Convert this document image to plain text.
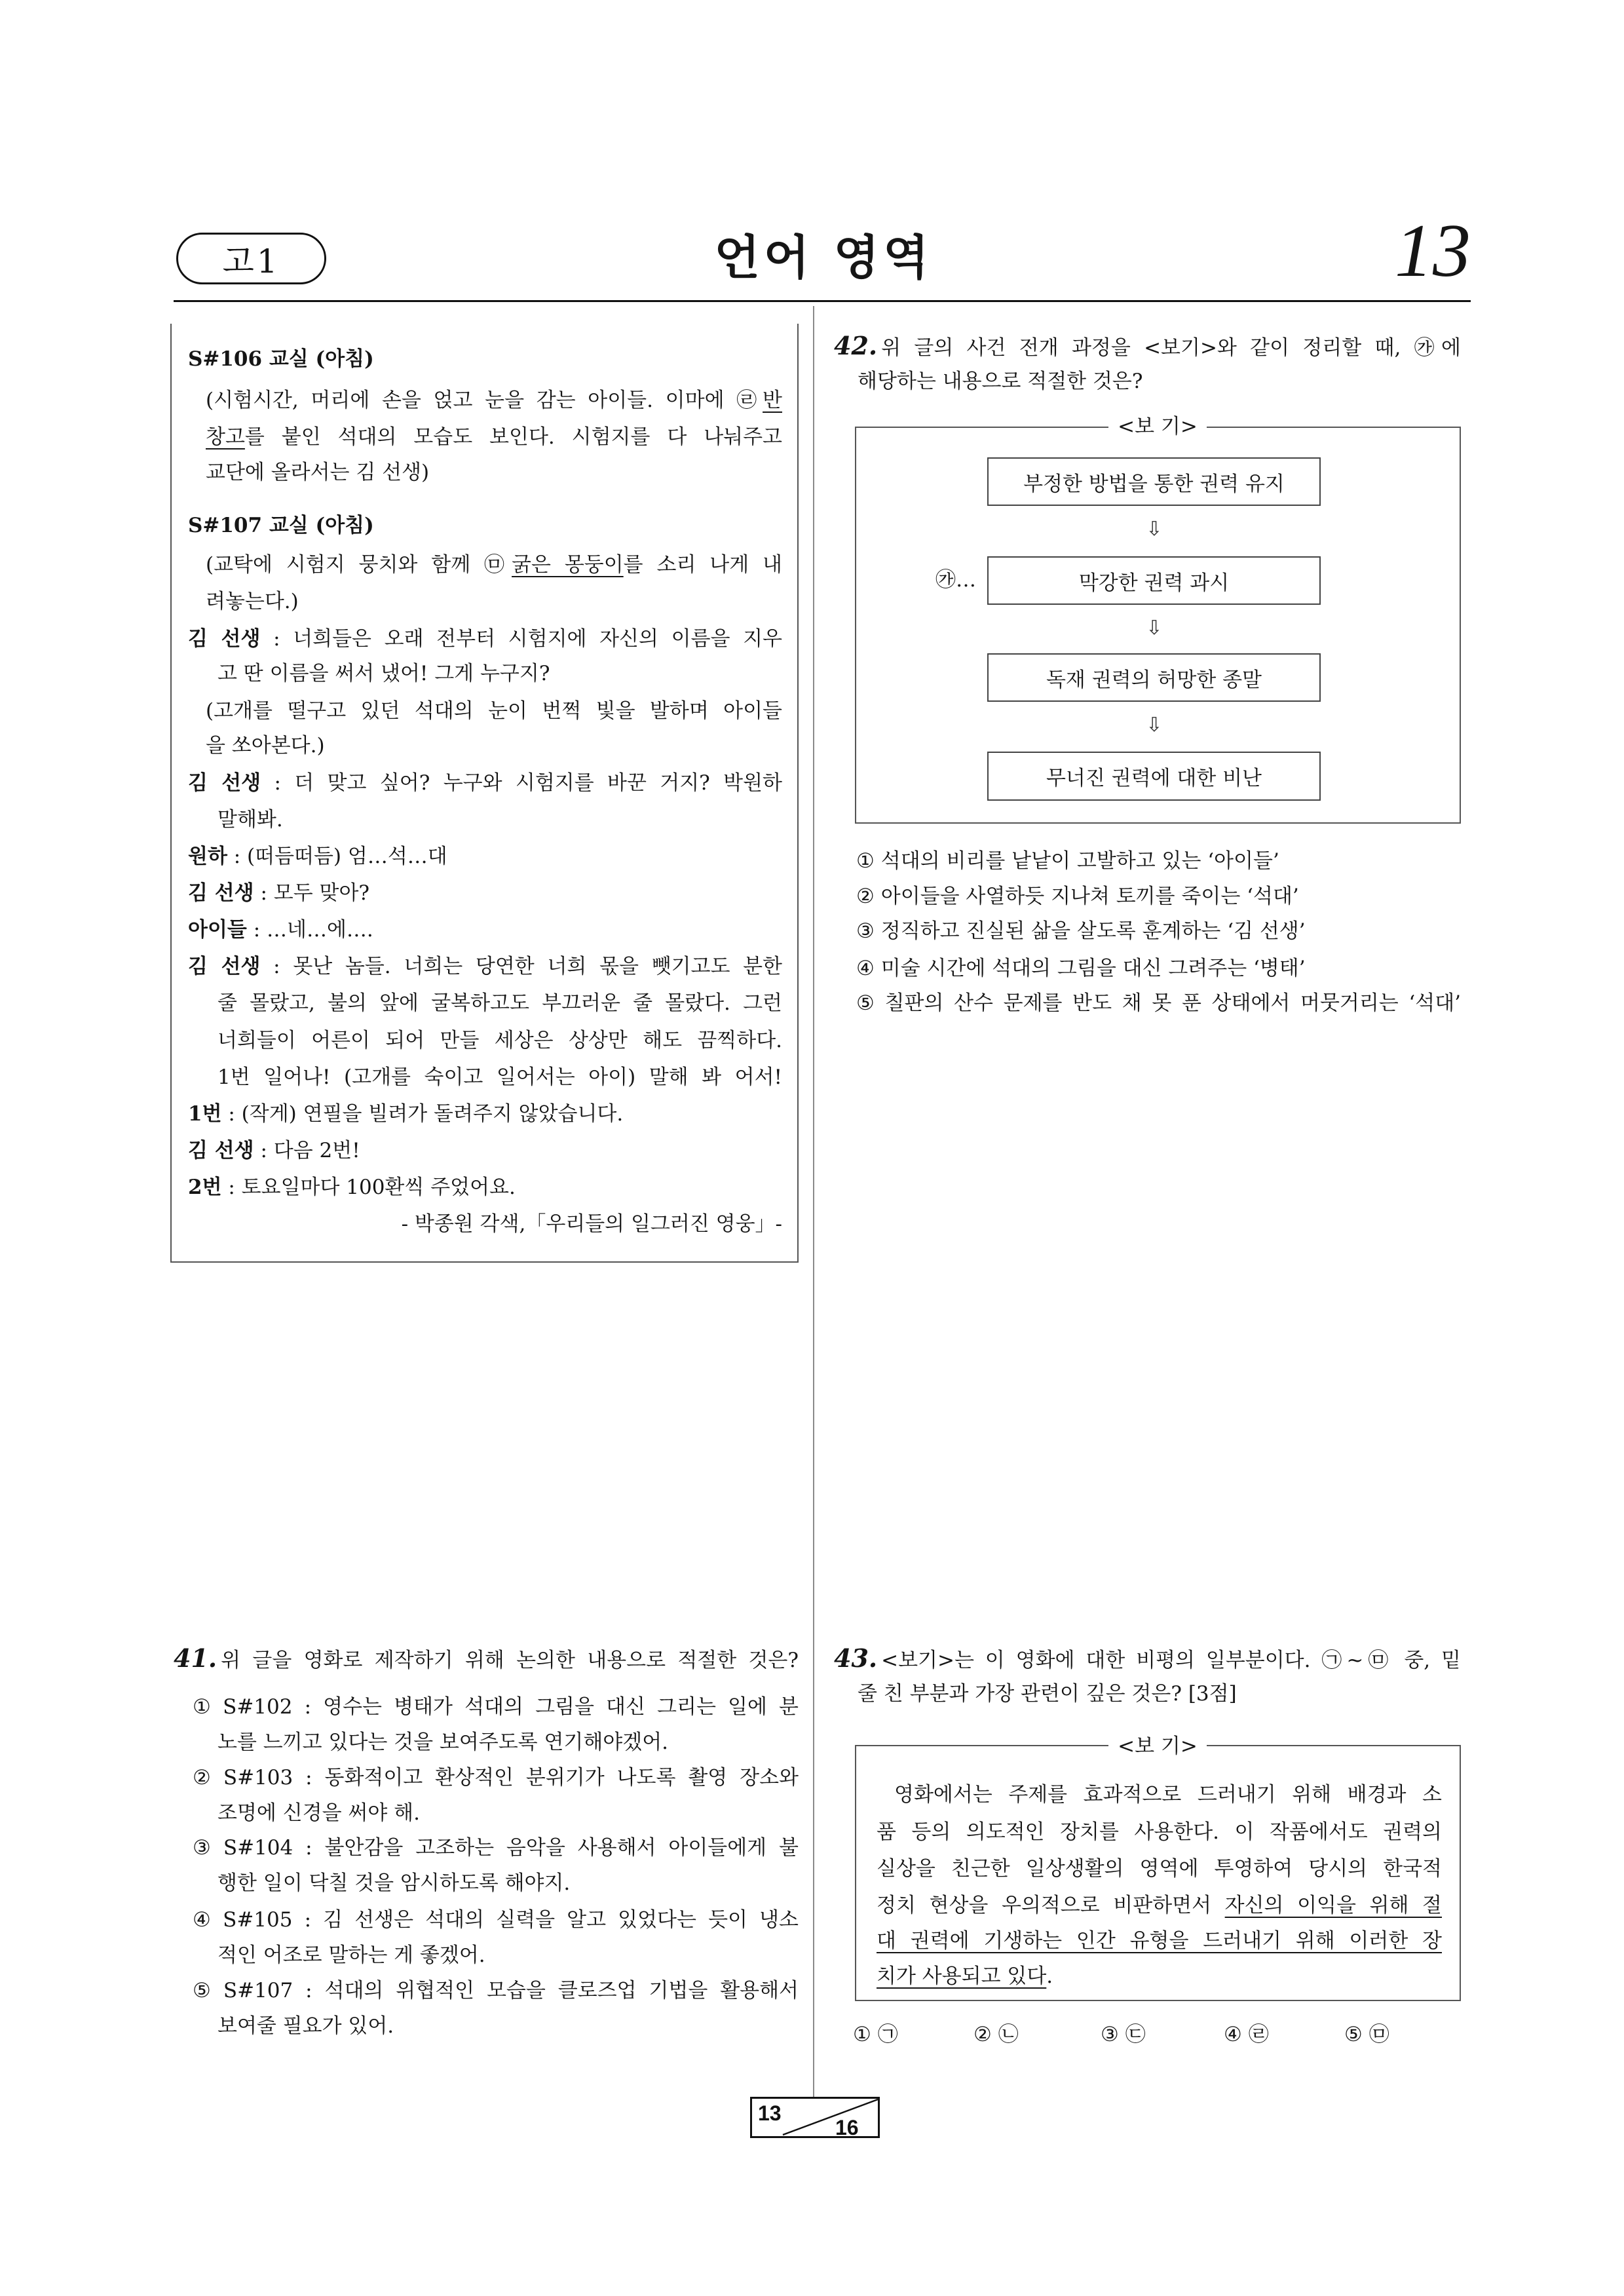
고1	언어 영역	13
S#106 교실 (아침)
(시험시간, 머리에 손을 얹고 눈을 감는 아이들. 이마에 ㉣반
창고를 붙인 석대의 모습도 보인다. 시험지를 다 나눠주고
교단에 올라서는 김 선생)
S#107 교실 (아침)
(교탁에 시험지 뭉치와 함께 ㉤굵은 몽둥이를 소리 나게 내
려놓는다.)
김 선생 : 너희들은 오래 전부터 시험지에 자신의 이름을 지우
고 딴 이름을 써서 냈어! 그게 누구지?
(고개를 떨구고 있던 석대의 눈이 번쩍 빛을 발하며 아이들
을 쏘아본다.)
김 선생 : 더 맞고 싶어? 누구와 시험지를 바꾼 거지? 박원하
말해봐.
원하 : (떠듬떠듬) 엄…석…대
김 선생 : 모두 맞아?
아이들 : …네…에….
김 선생 : 못난 놈들. 너희는 당연한 너희 몫을 뺏기고도 분한
줄 몰랐고, 불의 앞에 굴복하고도 부끄러운 줄 몰랐다. 그런
너희들이 어른이 되어 만들 세상은 상상만 해도 끔찍하다.
1번 일어나! (고개를 숙이고 일어서는 아이) 말해 봐 어서!
1번 : (작게) 연필을 빌려가 돌려주지 않았습니다.
김 선생 : 다음 2번!
2번 : 토요일마다 100환씩 주었어요.
- 박종원 각색,「우리들의 일그러진 영웅」-
41. 위 글을 영화로 제작하기 위해 논의한 내용으로 적절한 것은?
① S#102 : 영수는 병태가 석대의 그림을 대신 그리는 일에 분
노를 느끼고 있다는 것을 보여주도록 연기해야겠어.
② S#103 : 동화적이고 환상적인 분위기가 나도록 촬영 장소와
조명에 신경을 써야 해.
③ S#104 : 불안감을 고조하는 음악을 사용해서 아이들에게 불
행한 일이 닥칠 것을 암시하도록 해야지.
④ S#105 : 김 선생은 석대의 실력을 알고 있었다는 듯이 냉소
적인 어조로 말하는 게 좋겠어.
⑤ S#107 : 석대의 위협적인 모습을 클로즈업 기법을 활용해서
보여줄 필요가 있어.
42. 위 글의 사건 전개 과정을 <보기>와 같이 정리할 때, ㉮에
해당하는 내용으로 적절한 것은?
<보 기>
부정한 방법을 통한 권력 유지
⇩
막강한 권력 과시
㉮…
⇩
독재 권력의 허망한 종말
⇩
무너진 권력에 대한 비난
① 석대의 비리를 낱낱이 고발하고 있는 ‘아이들’
② 아이들을 사열하듯 지나쳐 토끼를 죽이는 ‘석대’
③ 정직하고 진실된 삶을 살도록 훈계하는 ‘김 선생’
④ 미술 시간에 석대의 그림을 대신 그려주는 ‘병태’
⑤ 칠판의 산수 문제를 반도 채 못 푼 상태에서 머뭇거리는 ‘석대’
43. <보기>는 이 영화에 대한 비평의 일부분이다. ㉠~㉤ 중, 밑
줄 친 부분과 가장 관련이 깊은 것은? [3점]
<보 기>
영화에서는 주제를 효과적으로 드러내기 위해 배경과 소
품 등의 의도적인 장치를 사용한다. 이 작품에서도 권력의
실상을 친근한 일상생활의 영역에 투영하여 당시의 한국적
정치 현상을 우의적으로 비판하면서 자신의 이익을 위해 절
대 권력에 기생하는 인간 유형을 드러내기 위해 이러한 장
치가 사용되고 있다.
① ㉠	② ㉡	③ ㉢	④ ㉣	⑤ ㉤
13
16
